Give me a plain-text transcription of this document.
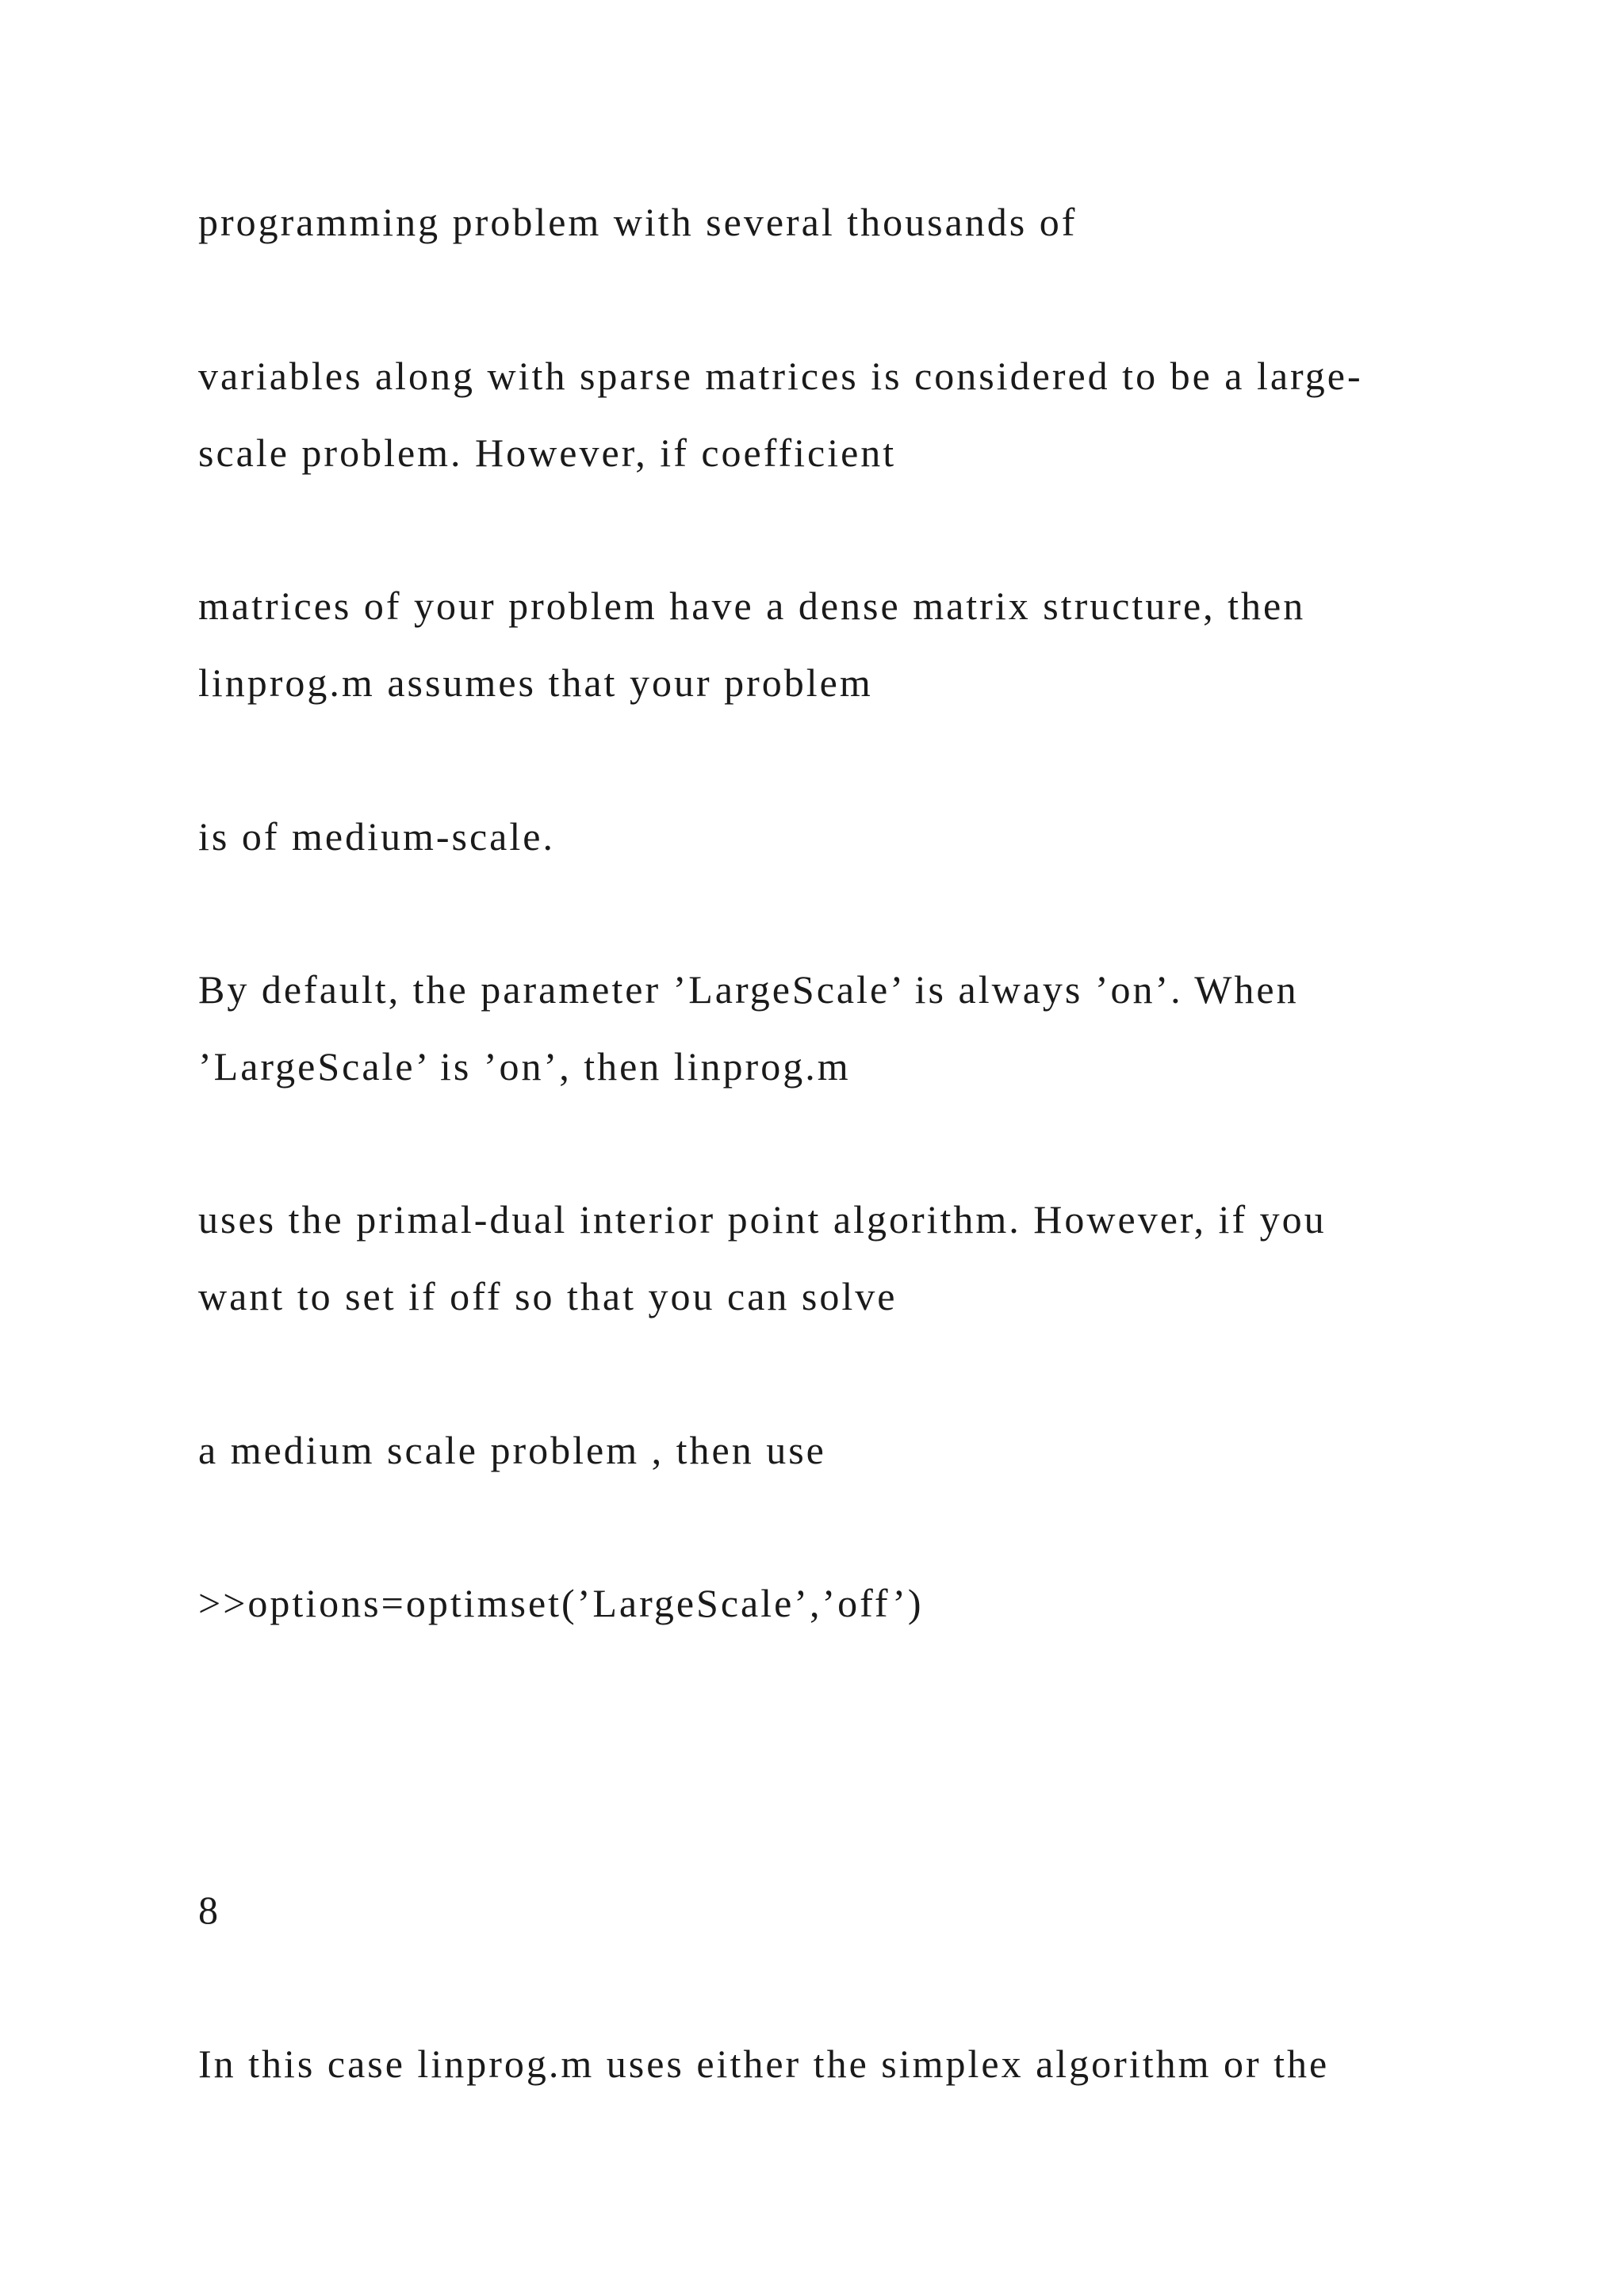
programming problem with several thousands of

variables along with sparse matrices is considered to be a large-

scale problem. However, if coefficient

matrices of your problem have a dense matrix structure, then

linprog.m assumes that your problem

is of medium-scale.

By default, the parameter ’LargeScale’ is always ’on’. When

’LargeScale’ is ’on’, then linprog.m

uses the primal-dual interior point algorithm. However, if you

want to set if off so that you can solve

a medium scale problem , then use

>>options=optimset(’LargeScale’,’off’)

8

In this case linprog.m uses either the simplex algorithm or the
